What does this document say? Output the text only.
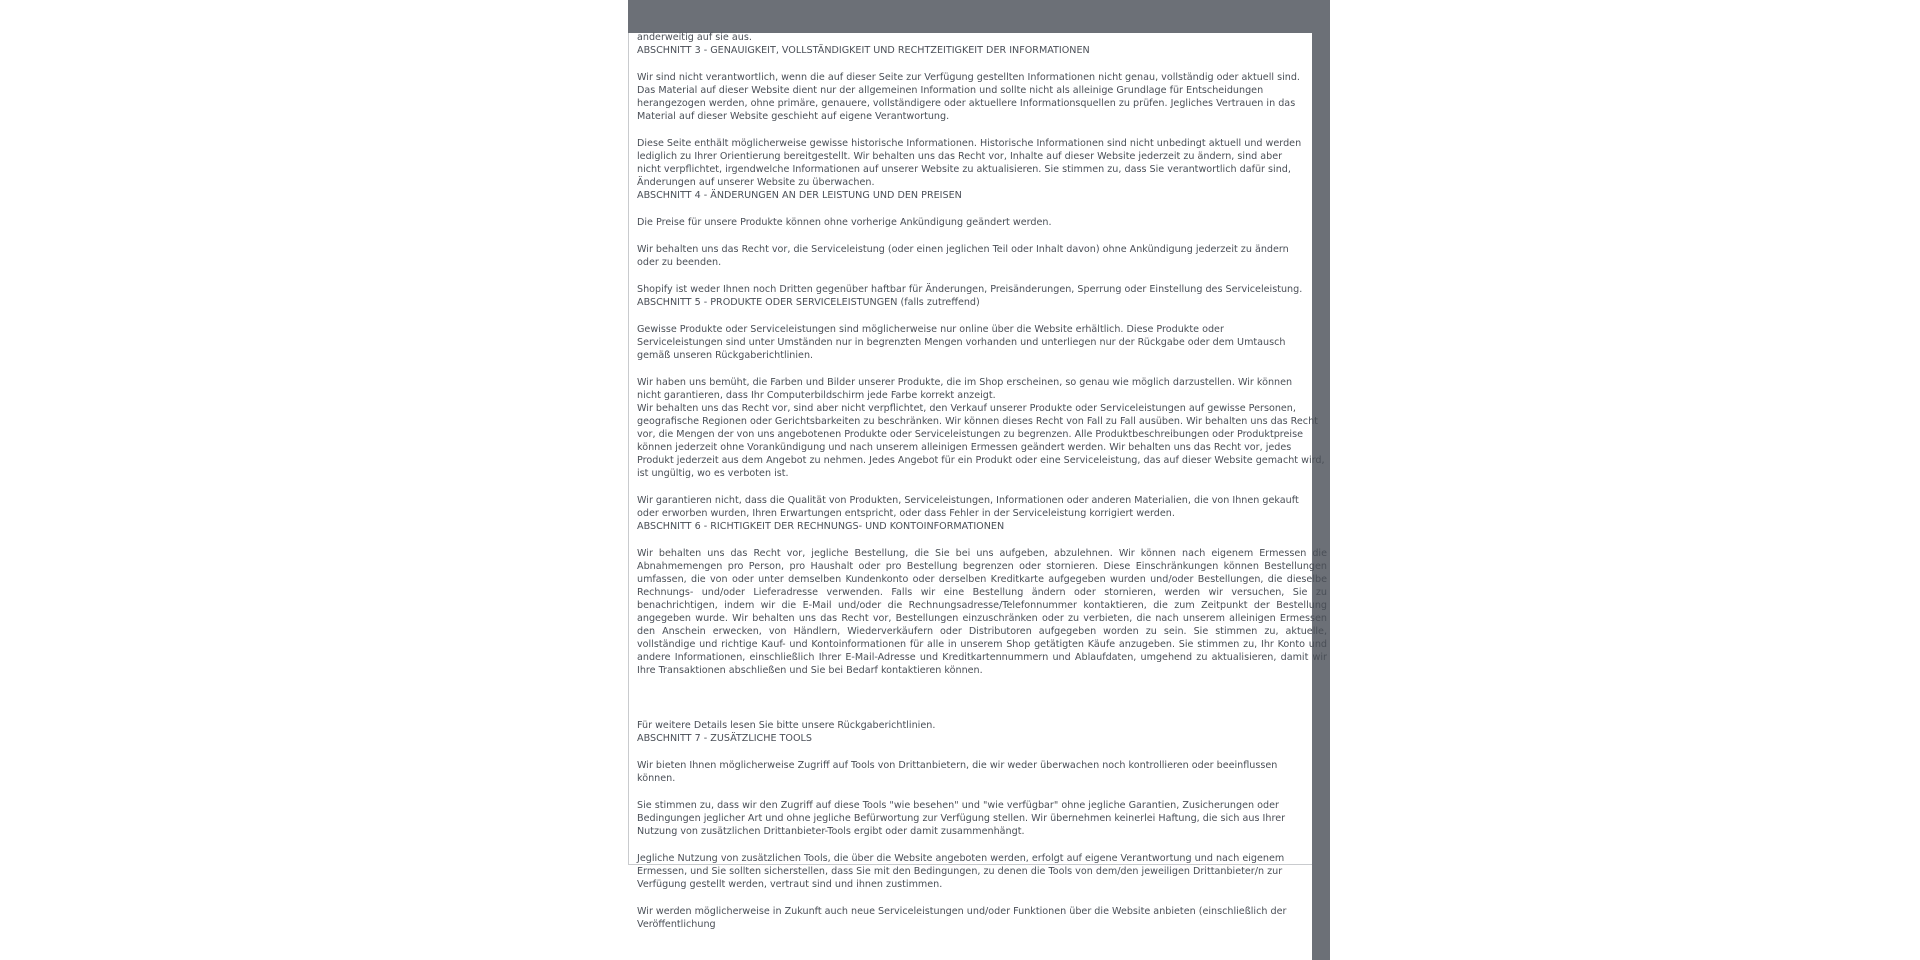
anderweitig auf sie aus.

ABSCHNITT 3 - GENAUIGKEIT, VOLLSTÄNDIGKEIT UND RECHTZEITIGKEIT DER INFORMATIONEN

Wir sind nicht verantwortlich, wenn die auf dieser Seite zur Verfügung gestellten Informationen nicht genau, vollständig oder aktuell sind. Das Material auf dieser Website dient nur der allgemeinen Information und sollte nicht als alleinige Grundlage für Entscheidungen herangezogen werden, ohne primäre, genauere, vollständigere oder aktuellere Informationsquellen zu prüfen. Jegliches Vertrauen in das Material auf dieser Website geschieht auf eigene Verantwortung.

Diese Seite enthält möglicherweise gewisse historische Informationen. Historische Informationen sind nicht unbedingt aktuell und werden lediglich zu Ihrer Orientierung bereitgestellt. Wir behalten uns das Recht vor, Inhalte auf dieser Website jederzeit zu ändern, sind aber nicht verpflichtet, irgendwelche Informationen auf unserer Website zu aktualisieren. Sie stimmen zu, dass Sie verantwortlich dafür sind, Änderungen auf unserer Website zu überwachen.

ABSCHNITT 4 - ÄNDERUNGEN AN DER LEISTUNG UND DEN PREISEN

Die Preise für unsere Produkte können ohne vorherige Ankündigung geändert werden.

Wir behalten uns das Recht vor, die Serviceleistung (oder einen jeglichen Teil oder Inhalt davon) ohne Ankündigung jederzeit zu ändern oder zu beenden.

Shopify ist weder Ihnen noch Dritten gegenüber haftbar für Änderungen, Preisänderungen, Sperrung oder Einstellung des Serviceleistung.

ABSCHNITT 5 - PRODUKTE ODER SERVICELEISTUNGEN (falls zutreffend)

Gewisse Produkte oder Serviceleistungen sind möglicherweise nur online über die Website erhältlich. Diese Produkte oder Serviceleistungen sind unter Umständen nur in begrenzten Mengen vorhanden und unterliegen nur der Rückgabe oder dem Umtausch gemäß unseren Rückgaberichtlinien.

Wir haben uns bemüht, die Farben und Bilder unserer Produkte, die im Shop erscheinen, so genau wie möglich darzustellen. Wir können nicht garantieren, dass Ihr Computerbildschirm jede Farbe korrekt anzeigt.

Wir behalten uns das Recht vor, sind aber nicht verpflichtet, den Verkauf unserer Produkte oder Serviceleistungen auf gewisse Personen, geografische Regionen oder Gerichtsbarkeiten zu beschränken. Wir können dieses Recht von Fall zu Fall ausüben. Wir behalten uns das Recht vor, die Mengen der von uns angebotenen Produkte oder Serviceleistungen zu begrenzen. Alle Produktbeschreibungen oder Produktpreise können jederzeit ohne Vorankündigung und nach unserem alleinigen Ermessen geändert werden. Wir behalten uns das Recht vor, jedes Produkt jederzeit aus dem Angebot zu nehmen. Jedes Angebot für ein Produkt oder eine Serviceleistung, das auf dieser Website gemacht wird, ist ungültig, wo es verboten ist.

Wir garantieren nicht, dass die Qualität von Produkten, Serviceleistungen, Informationen oder anderen Materialien, die von Ihnen gekauft oder erworben wurden, Ihren Erwartungen entspricht, oder dass Fehler in der Serviceleistung korrigiert werden.

ABSCHNITT 6 - RICHTIGKEIT DER RECHNUNGS- UND KONTOINFORMATIONEN

Wir behalten uns das Recht vor, jegliche Bestellung, die Sie bei uns aufgeben, abzulehnen. Wir können nach eigenem Ermessen die Abnahmemengen pro Person, pro Haushalt oder pro Bestellung begrenzen oder stornieren. Diese Einschränkungen können Bestellungen umfassen, die von oder unter demselben Kundenkonto oder derselben Kreditkarte aufgegeben wurden und/oder Bestellungen, die dieselbe Rechnungs- und/oder Lieferadresse verwenden. Falls wir eine Bestellung ändern oder stornieren, werden wir versuchen, Sie zu benachrichtigen, indem wir die E-Mail und/oder die Rechnungsadresse/Telefonnummer kontaktieren, die zum Zeitpunkt der Bestellung angegeben wurde. Wir behalten uns das Recht vor, Bestellungen einzuschränken oder zu verbieten, die nach unserem alleinigen Ermessen den Anschein erwecken, von Händlern, Wiederverkäufern oder Distributoren aufgegeben worden zu sein. Sie stimmen zu, aktuelle, vollständige und richtige Kauf- und Kontoinformationen für alle in unserem Shop getätigten Käufe anzugeben. Sie stimmen zu, Ihr Konto und andere Informationen, einschließlich Ihrer E-Mail-Adresse und Kreditkartennummern und Ablaufdaten, umgehend zu aktualisieren, damit wir Ihre Transaktionen abschließen und Sie bei Bedarf kontaktieren können.

Für weitere Details lesen Sie bitte unsere Rückgaberichtlinien.

ABSCHNITT 7 - ZUSÄTZLICHE TOOLS

Wir bieten Ihnen möglicherweise Zugriff auf Tools von Drittanbietern, die wir weder überwachen noch kontrollieren oder beeinflussen können.

Sie stimmen zu, dass wir den Zugriff auf diese Tools "wie besehen" und "wie verfügbar" ohne jegliche Garantien, Zusicherungen oder Bedingungen jeglicher Art und ohne jegliche Befürwortung zur Verfügung stellen. Wir übernehmen keinerlei Haftung, die sich aus Ihrer Nutzung von zusätzlichen Drittanbieter-Tools ergibt oder damit zusammenhängt.

Jegliche Nutzung von zusätzlichen Tools, die über die Website angeboten werden, erfolgt auf eigene Verantwortung und nach eigenem Ermessen, und Sie sollten sicherstellen, dass Sie mit den Bedingungen, zu denen die Tools von dem/den jeweiligen Drittanbieter/n zur Verfügung gestellt werden, vertraut sind und ihnen zustimmen.

Wir werden möglicherweise in Zukunft auch neue Serviceleistungen und/oder Funktionen über die Website anbieten (einschließlich der Veröffentlichung
